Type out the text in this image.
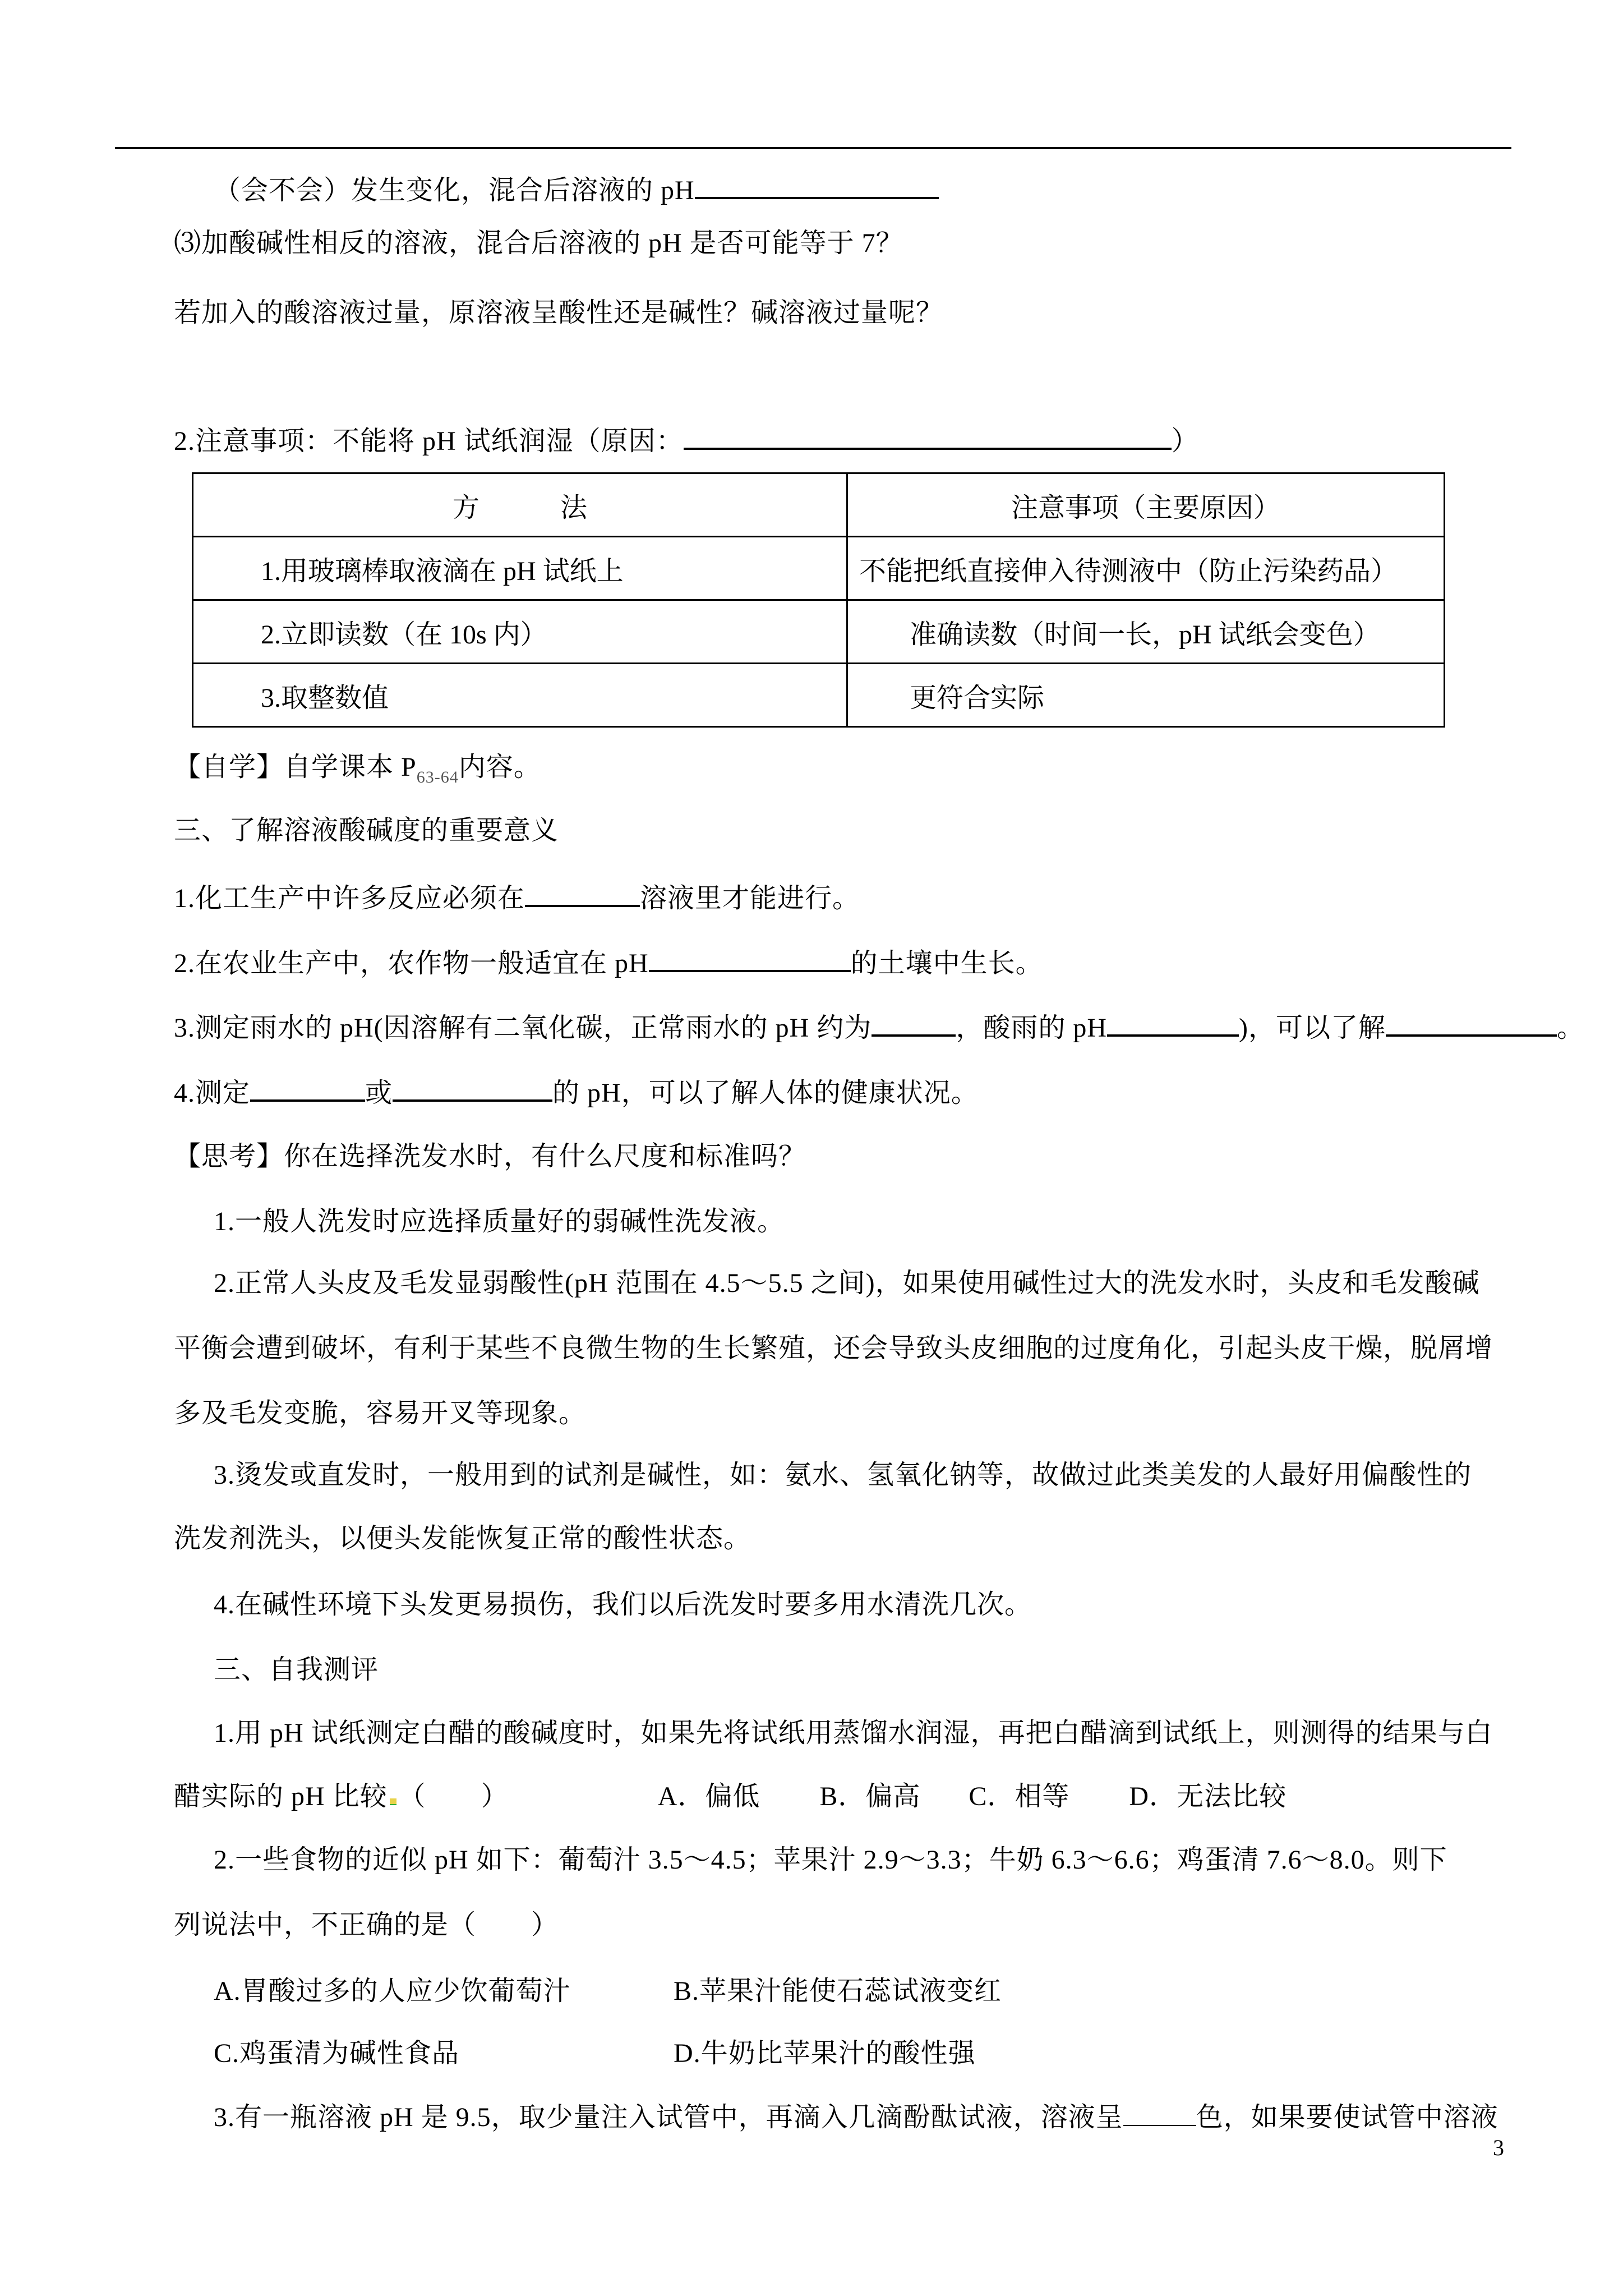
（会不会）发生变化，混合后溶液的 pH
⑶加酸碱性相反的溶液，混合后溶液的 pH 是否可能等于 7？
若加入的酸溶液过量，原溶液呈酸性还是碱性？碱溶液过量呢？
2.注意事项：不能将 pH 试纸润湿（原因：	）
方　　　法	注意事项（主要原因）
1.用玻璃棒取液滴在 pH 试纸上	不能把纸直接伸入待测液中（防止污染药品）
2.立即读数（在 10s 内）	准确读数（时间一长，pH 试纸会变色）
3.取整数值	更符合实际
【自学】自学课本 $P_{63-64}$内容。
三、了解溶液酸碱度的重要意义
1.化工生产中许多反应必须在	溶液里才能进行。
2.在农业生产中，农作物一般适宜在 pH	的土壤中生长。
3.测定雨水的 pH(因溶解有二氧化碳，正常雨水的 pH 约为	，酸雨的 pH	)，可以了解	。
4.测定	或	的 pH，可以了解人体的健康状况。
【思考】你在选择洗发水时，有什么尺度和标准吗？
1.一般人洗发时应选择质量好的弱碱性洗发液。
2.正常人头皮及毛发显弱酸性(pH 范围在 4.5～5.5 之间)，如果使用碱性过大的洗发水时，头皮和毛发酸碱
平衡会遭到破坏，有利于某些不良微生物的生长繁殖，还会导致头皮细胞的过度角化，引起头皮干燥，脱屑增
多及毛发变脆，容易开叉等现象。
3.烫发或直发时，一般用到的试剂是碱性，如：氨水、氢氧化钠等，故做过此类美发的人最好用偏酸性的
洗发剂洗头，以便头发能恢复正常的酸性状态。
4.在碱性环境下头发更易损伤，我们以后洗发时要多用水清洗几次。
三、自我测评
1.用 pH 试纸测定白醋的酸碱度时，如果先将试纸用蒸馏水润湿，再把白醋滴到试纸上，则测得的结果与白
醋实际的 pH 比较 （　　）	A．偏低 B．偏高 C．相等 D．无法比较
2.一些食物的近似 pH 如下：葡萄汁 3.5～4.5；苹果汁 2.9～3.3；牛奶 6.3～6.6；鸡蛋清 7.6～8.0。则下
列说法中，不正确的是（　　）
A.胃酸过多的人应少饮葡萄汁	B.苹果汁能使石蕊试液变红
C.鸡蛋清为碱性食品	D.牛奶比苹果汁的酸性强
3.有一瓶溶液 pH 是 9.5，取少量注入试管中，再滴入几滴酚酞试液，溶液呈	色，如果要使试管中溶液
3
